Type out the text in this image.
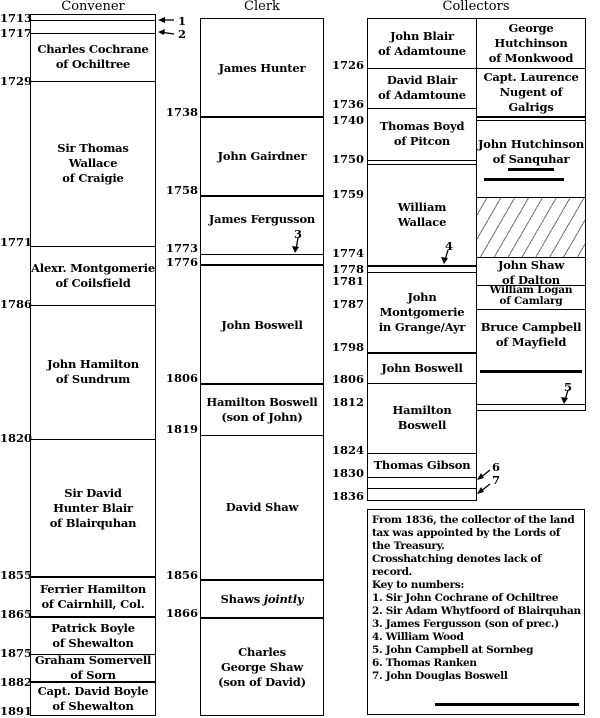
Convener	Clerk	Collectors
Charles Cochrane
of Ochiltree
Sir Thomas
Wallace
of Craigie
Alexr. Montgomerie
of Coilsfield
John Hamilton
of Sundrum
Sir David
Hunter Blair
of Blairquhan
Ferrier Hamilton
of Cairnhill, Col.
Patrick Boyle
of Shewalton
Graham Somervell
of Sorn
Capt. David Boyle
of Shewalton
1713
1717
1729
1771
1786
1820
1855
1865
1875
1882
1891
1
2
James Hunter
John Gairdner
James Fergusson
John Boswell
Hamilton Boswell
(son of John)
David Shaw
Shaws
jointly
Charles
George Shaw
(son of David)
1738
1758
1773
1776
1806
1819
1856
1866
3
John Blair
of Adamtoune
David Blair
of Adamtoune
Thomas Boyd
of Pitcon
William
Wallace
John
Montgomerie
in Grange/Ayr
John Boswell
Hamilton
Boswell
Thomas Gibson
George Hutchinson
of Monkwood
Capt. Laurence
Nugent of
Galrigs
John Hutchinson
of Sanquhar
John Shaw
of Dalton
William Logan
of Camlarg
Bruce Campbell
of Mayfield
1726
1736
1740
1750
1759
1774
1778
1781
1787
1798
1806
1812
1824
1830
1836
4
5
6
7

From 1836, the collector of the land tax was appointed by the Lords of the Treasury.

Crosshatching denotes lack of record.

Key to numbers:

1. Sir John Cochrane of Ochiltree

2. Sir Adam Whytfoord of Blairquhan

3. James Fergusson (son of prec.)

4. William Wood

5. John Campbell at Sornbeg

6. Thomas Ranken

7. John Douglas Boswell
